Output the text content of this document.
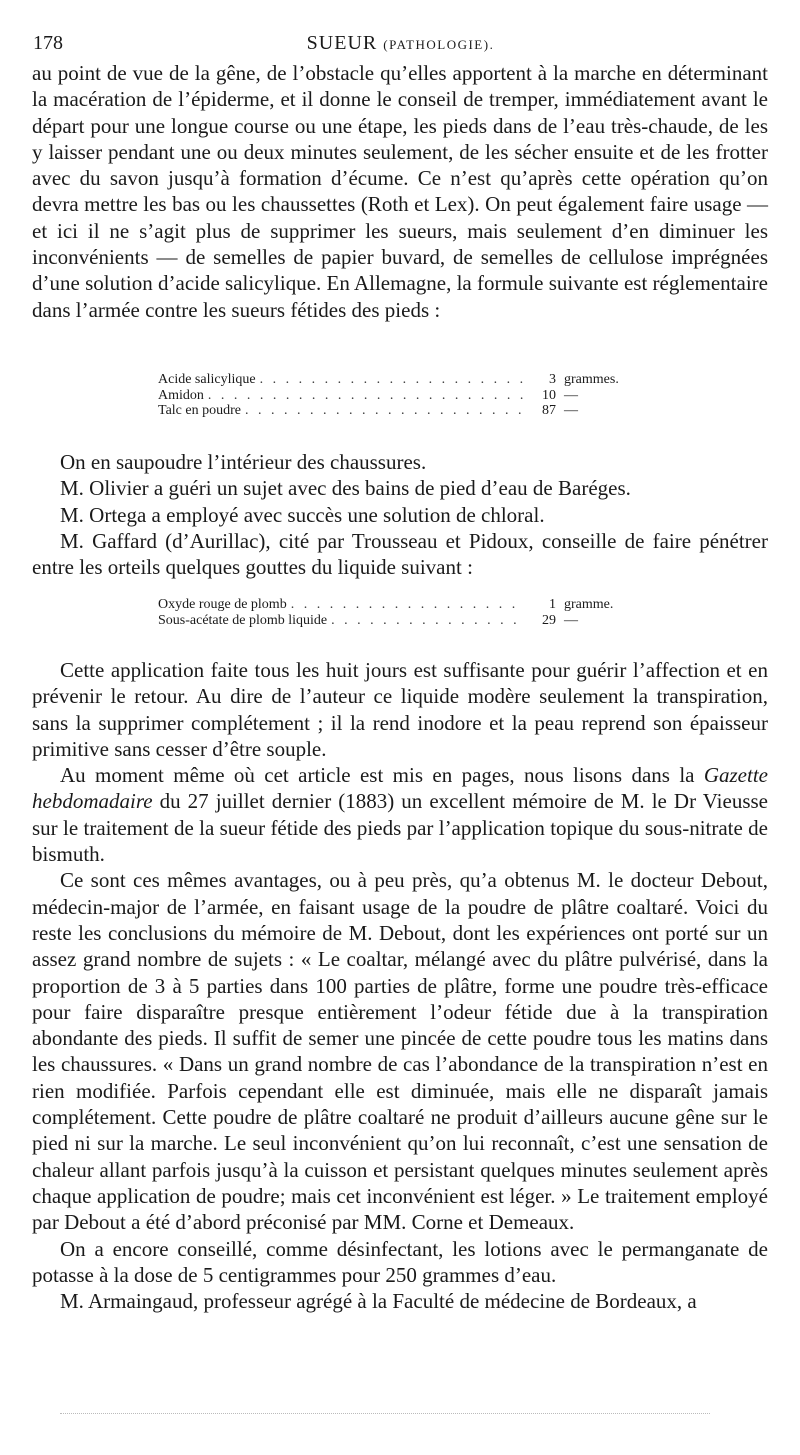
178	SUEUR (PATHOLOGIE).

au point de vue de la gêne, de l’obstacle qu’elles apportent à la marche en déterminant la macération de l’épiderme, et il donne le conseil de tremper, immédiatement avant le départ pour une longue course ou une étape, les pieds dans de l’eau très-chaude, de les y laisser pendant une ou deux minutes seulement, de les sécher ensuite et de les frotter avec du savon jusqu’à formation d’écume. Ce n’est qu’après cette opération qu’on devra mettre les bas ou les chaussettes (Roth et Lex). On peut également faire usage — et ici il ne s’agit plus de supprimer les sueurs, mais seulement d’en diminuer les inconvénients — de semelles de papier buvard, de semelles de cellulose imprégnées d’une solution d’acide salicylique. En Allemagne, la formule suivante est réglementaire dans l’armée contre les sueurs fétides des pieds :

Acide salicylique . . .	3 grammes.
Amidon . . .	10 —
Talc en poudre . . .	87 —

On en saupoudre l’intérieur des chaussures.

M. Olivier a guéri un sujet avec des bains de pied d’eau de Baréges.

M. Ortega a employé avec succès une solution de chloral.

M. Gaffard (d’Aurillac), cité par Trousseau et Pidoux, conseille de faire pénétrer entre les orteils quelques gouttes du liquide suivant :

Oxyde rouge de plomb . . .	1 gramme.
Sous-acétate de plomb liquide . . .	29 —

Cette application faite tous les huit jours est suffisante pour guérir l’affection et en prévenir le retour. Au dire de l’auteur ce liquide modère seulement la transpiration, sans la supprimer complétement ; il la rend inodore et la peau reprend son épaisseur primitive sans cesser d’être souple.

Au moment même où cet article est mis en pages, nous lisons dans la Gazette hebdomadaire du 27 juillet dernier (1883) un excellent mémoire de M. le Dr Vieusse sur le traitement de la sueur fétide des pieds par l’application topique du sous-nitrate de bismuth.

Ce sont ces mêmes avantages, ou à peu près, qu’a obtenus M. le docteur Debout, médecin-major de l’armée, en faisant usage de la poudre de plâtre coaltaré. Voici du reste les conclusions du mémoire de M. Debout, dont les expériences ont porté sur un assez grand nombre de sujets : « Le coaltar, mélangé avec du plâtre pulvérisé, dans la proportion de 3 à 5 parties dans 100 parties de plâtre, forme une poudre très-efficace pour faire disparaître presque entièrement l’odeur fétide due à la transpiration abondante des pieds. Il suffit de semer une pincée de cette poudre tous les matins dans les chaussures. « Dans un grand nombre de cas l’abondance de la transpiration n’est en rien modifiée. Parfois cependant elle est diminuée, mais elle ne disparaît jamais complétement. Cette poudre de plâtre coaltaré ne produit d’ailleurs aucune gêne sur le pied ni sur la marche. Le seul inconvénient qu’on lui reconnaît, c’est une sensation de chaleur allant parfois jusqu’à la cuisson et persistant quelques minutes seulement après chaque application de poudre; mais cet inconvénient est léger. » Le traitement employé par Debout a été d’abord préconisé par MM. Corne et Demeaux.

On a encore conseillé, comme désinfectant, les lotions avec le permanganate de potasse à la dose de 5 centigrammes pour 250 grammes d’eau.

M. Armaingaud, professeur agrégé à la Faculté de médecine de Bordeaux, a
